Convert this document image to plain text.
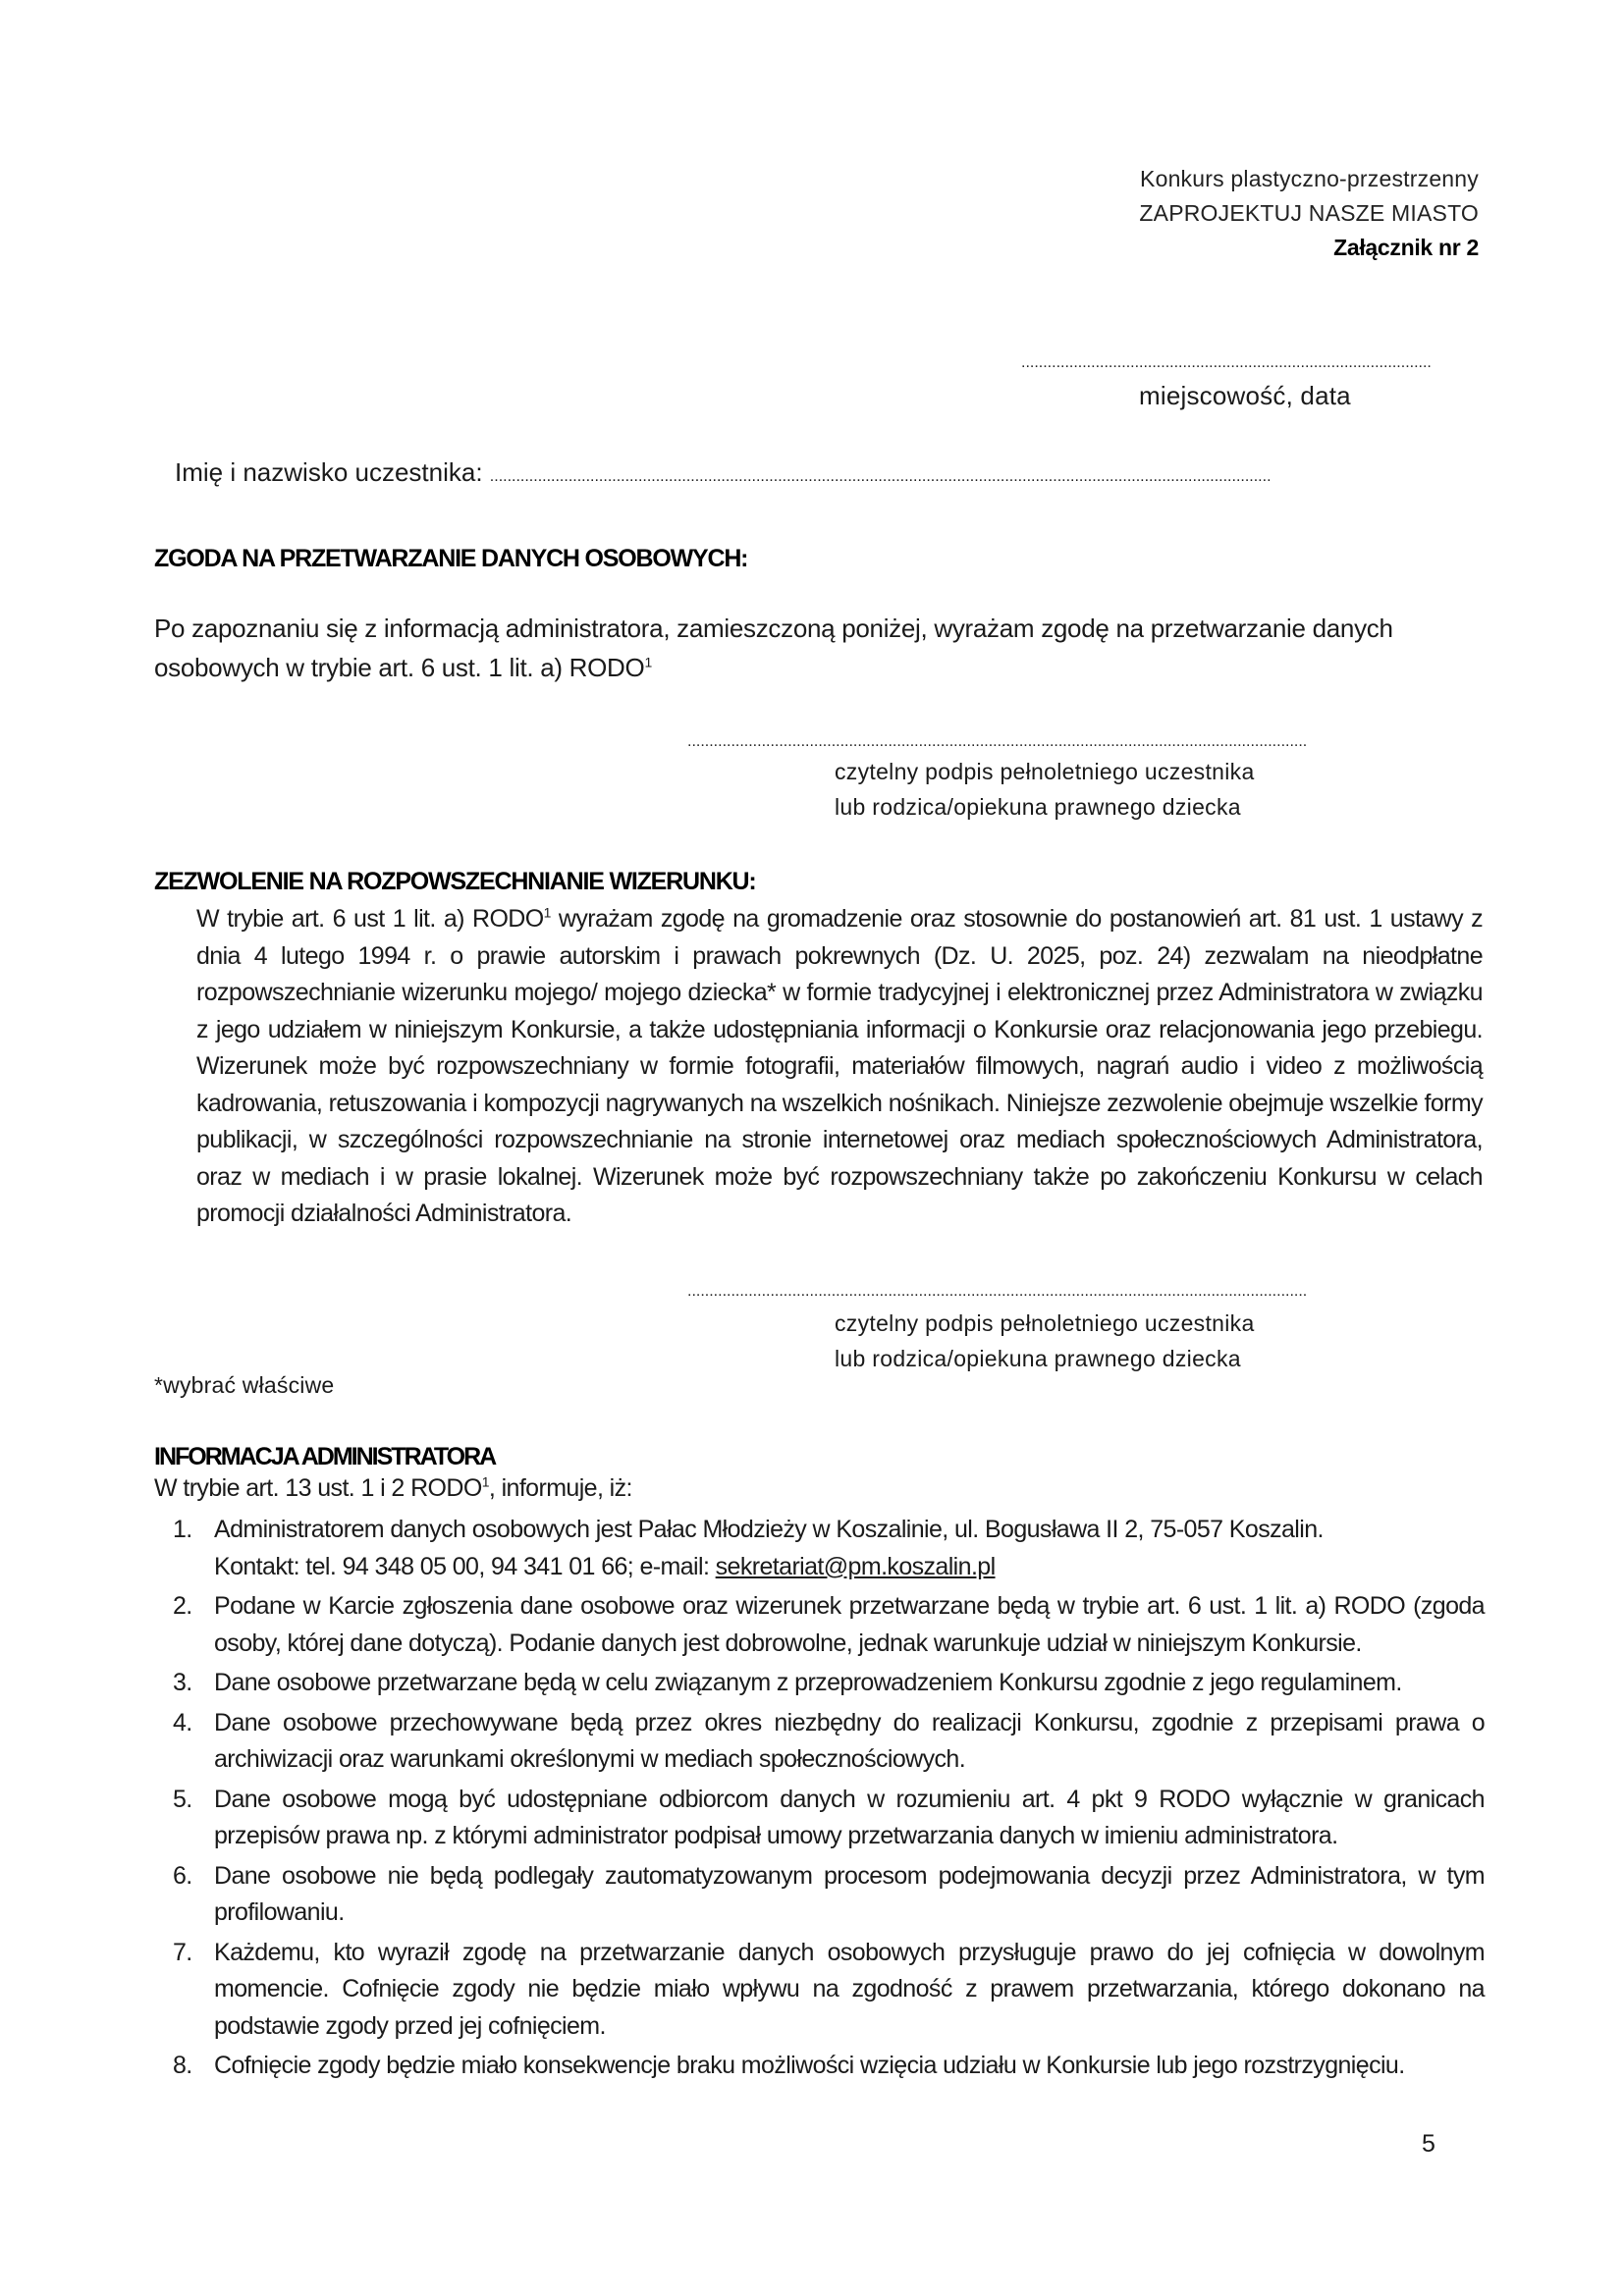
Konkurs plastyczno-przestrzenny
ZAPROJEKTUJ NASZE MIASTO
Załącznik nr 2
..............................................................................................
miejscowość, data
Imię i nazwisko uczestnika: ...................................................................................................................................................................................
ZGODA NA PRZETWARZANIE DANYCH OSOBOWYCH:
Po zapoznaniu się z informacją administratora, zamieszczoną poniżej, wyrażam zgodę na przetwarzanie danych osobowych w trybie art. 6 ust. 1 lit. a) RODO$^1$
..............................................................................................................................................
czytelny podpis pełnoletniego uczestnika
lub rodzica/opiekuna prawnego dziecka
ZEZWOLENIE NA ROZPOWSZECHNIANIE WIZERUNKU:
W trybie art. 6 ust 1 lit. a) RODO$^1$ wyrażam zgodę na gromadzenie oraz stosownie do postanowień art. 81 ust. 1 ustawy z dnia 4 lutego 1994 r. o prawie autorskim i prawach pokrewnych (Dz. U. 2025, poz. 24) zezwalam na nieodpłatne rozpowszechnianie wizerunku mojego/ mojego dziecka* w formie tradycyjnej i elektronicznej przez Administratora w związku z jego udziałem w niniejszym Konkursie, a także udostępniania informacji o Konkursie oraz relacjonowania jego przebiegu. Wizerunek może być rozpowszechniany w formie fotografii, materiałów filmowych, nagrań audio i video z możliwością kadrowania, retuszowania i kompozycji nagrywanych na wszelkich nośnikach. Niniejsze zezwolenie obejmuje wszelkie formy publikacji, w szczególności rozpowszechnianie na stronie internetowej oraz mediach społecznościowych Administratora, oraz w mediach i w prasie lokalnej. Wizerunek może być rozpowszechniany także po zakończeniu Konkursu w celach promocji działalności Administratora.
..............................................................................................................................................
czytelny podpis pełnoletniego uczestnika
lub rodzica/opiekuna prawnego dziecka
*wybrać właściwe
INFORMACJA ADMINISTRATORA
W trybie art. 13 ust. 1 i 2 RODO$^1$, informuje, iż:
1. Administratorem danych osobowych jest Pałac Młodzieży w Koszalinie, ul. Bogusława II 2, 75-057 Koszalin.
Kontakt: tel. 94 348 05 00, 94 341 01 66; e-mail: sekretariat@pm.koszalin.pl
2. Podane w Karcie zgłoszenia dane osobowe oraz wizerunek przetwarzane będą w trybie art. 6 ust. 1 lit. a) RODO (zgoda osoby, której dane dotyczą). Podanie danych jest dobrowolne, jednak warunkuje udział w niniejszym Konkursie.
3. Dane osobowe przetwarzane będą w celu związanym z przeprowadzeniem Konkursu zgodnie z jego regulaminem.
4. Dane osobowe przechowywane będą przez okres niezbędny do realizacji Konkursu, zgodnie z przepisami prawa o archiwizacji oraz warunkami określonymi w mediach społecznościowych.
5. Dane osobowe mogą być udostępniane odbiorcom danych w rozumieniu art. 4 pkt 9 RODO wyłącznie w granicach przepisów prawa np. z którymi administrator podpisał umowy przetwarzania danych w imieniu administratora.
6. Dane osobowe nie będą podlegały zautomatyzowanym procesom podejmowania decyzji przez Administratora, w tym profilowaniu.
7. Każdemu, kto wyraził zgodę na przetwarzanie danych osobowych przysługuje prawo do jej cofnięcia w dowolnym momencie. Cofnięcie zgody nie będzie miało wpływu na zgodność z prawem przetwarzania, którego dokonano na podstawie zgody przed jej cofnięciem.
8. Cofnięcie zgody będzie miało konsekwencje braku możliwości wzięcia udziału w Konkursie lub jego rozstrzygnięciu.
5
